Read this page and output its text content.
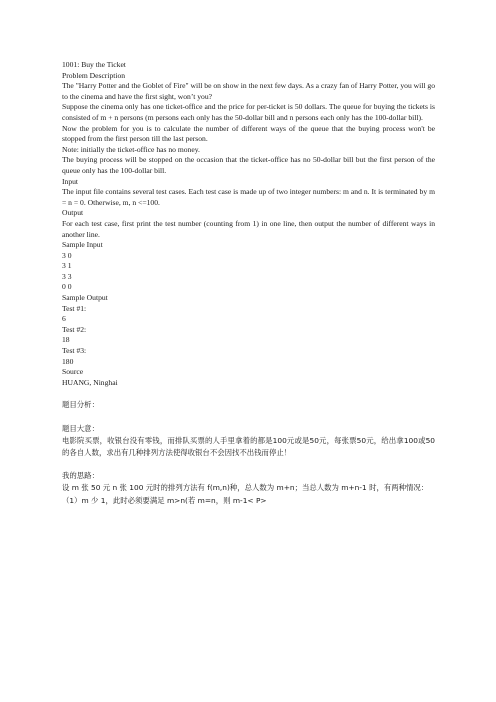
1001: Buy the Ticket

Problem Description

The "Harry Potter and the Goblet of Fire" will be on show in the next few days. As a crazy fan of Harry Potter, you will go to the cinema and have the first sight, won’t you?

Suppose the cinema only has one ticket-office and the price for per-ticket is 50 dollars. The queue for buying the tickets is consisted of m + n persons (m persons each only has the 50-dollar bill and n persons each only has the 100-dollar bill).

Now the problem for you is to calculate the number of different ways of the queue that the buying process won't be stopped from the first person till the last person.

Note: initially the ticket-office has no money.

The buying process will be stopped on the occasion that the ticket-office has no 50-dollar bill but the first person of the queue only has the 100-dollar bill.

Input

The input file contains several test cases. Each test case is made up of two integer numbers: m and n. It is terminated by m = n = 0. Otherwise, m, n <=100.

Output

For each test case, first print the test number (counting from 1) in one line, then output the number of different ways in another line.

Sample Input

3 0

3 1

3 3

0 0

Sample Output

Test #1:

6

Test #2:

18

Test #3:

180

Source

HUANG, Ninghai

题目分析：

题目大意：

电影院买票，收银台没有零钱，而排队买票的人手里拿着的都是100元或是50元，每张票50元，给出拿100或50的各自人数，求出有几种排列方法使得收银台不会因找不出钱而停止！

我的思路：

设 m 张 50 元 n 张 100 元时的排列方法有 f(m,n)种，总人数为 m+n；当总人数为 m+n-1 时，有两种情况：

（1）m 少 1，此时必须要满足 m>n(若 m=n，则 m-1< P>
